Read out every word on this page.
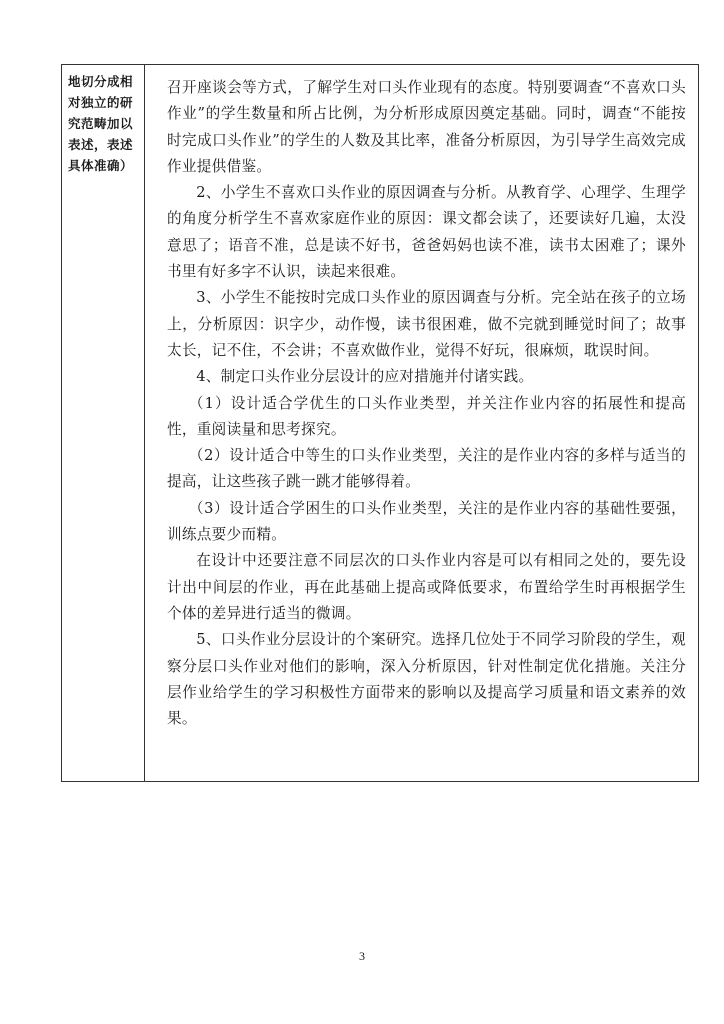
地切分成相
对独立的研
究范畴加以
表述，表述
具体准确）

召开座谈会等方式，了解学生对口头作业现有的态度。特别要调查“不喜欢口头作业”的学生数量和所占比例，为分析形成原因奠定基础。同时，调查“不能按时完成口头作业”的学生的人数及其比率，准备分析原因，为引导学生高效完成作业提供借鉴。

2、小学生不喜欢口头作业的原因调查与分析。从教育学、心理学、生理学的角度分析学生不喜欢家庭作业的原因：课文都会读了，还要读好几遍，太没意思了；语音不准，总是读不好书，爸爸妈妈也读不准，读书太困难了；课外书里有好多字不认识，读起来很难。

3、小学生不能按时完成口头作业的原因调查与分析。完全站在孩子的立场上，分析原因：识字少，动作慢，读书很困难，做不完就到睡觉时间了；故事太长，记不住，不会讲；不喜欢做作业，觉得不好玩，很麻烦，耽误时间。

4、制定口头作业分层设计的应对措施并付诸实践。

（1）设计适合学优生的口头作业类型，并关注作业内容的拓展性和提高性，重阅读量和思考探究。

（2）设计适合中等生的口头作业类型，关注的是作业内容的多样与适当的提高，让这些孩子跳一跳才能够得着。

（3）设计适合学困生的口头作业类型，关注的是作业内容的基础性要强，训练点要少而精。

在设计中还要注意不同层次的口头作业内容是可以有相同之处的，要先设计出中间层的作业，再在此基础上提高或降低要求，布置给学生时再根据学生个体的差异进行适当的微调。

5、口头作业分层设计的个案研究。选择几位处于不同学习阶段的学生，观察分层口头作业对他们的影响，深入分析原因，针对性制定优化措施。关注分层作业给学生的学习积极性方面带来的影响以及提高学习质量和语文素养的效果。

3
